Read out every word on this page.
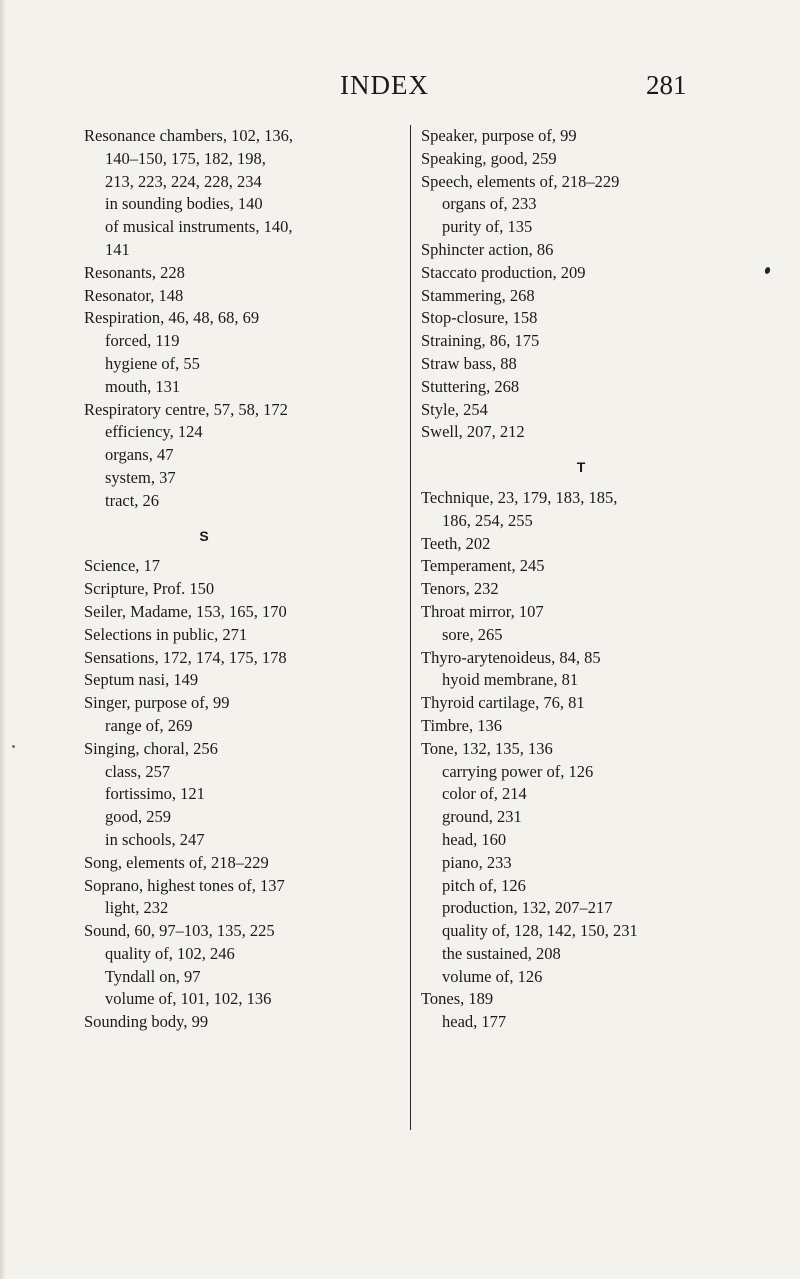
INDEX	281
Resonance chambers, 102, 136,
140–150, 175, 182, 198,
213, 223, 224, 228, 234
in sounding bodies, 140
of musical instruments, 140,
141
Resonants, 228
Resonator, 148
Respiration, 46, 48, 68, 69
forced, 119
hygiene of, 55
mouth, 131
Respiratory centre, 57, 58, 172
efficiency, 124
organs, 47
system, 37
tract, 26
S
Science, 17
Scripture, Prof. 150
Seiler, Madame, 153, 165, 170
Selections in public, 271
Sensations, 172, 174, 175, 178
Septum nasi, 149
Singer, purpose of, 99
range of, 269
Singing, choral, 256
class, 257
fortissimo, 121
good, 259
in schools, 247
Song, elements of, 218–229
Soprano, highest tones of, 137
light, 232
Sound, 60, 97–103, 135, 225
quality of, 102, 246
Tyndall on, 97
volume of, 101, 102, 136
Sounding body, 99
Speaker, purpose of, 99
Speaking, good, 259
Speech, elements of, 218–229
organs of, 233
purity of, 135
Sphincter action, 86
Staccato production, 209
Stammering, 268
Stop-closure, 158
Straining, 86, 175
Straw bass, 88
Stuttering, 268
Style, 254
Swell, 207, 212
T
Technique, 23, 179, 183, 185,
186, 254, 255
Teeth, 202
Temperament, 245
Tenors, 232
Throat mirror, 107
sore, 265
Thyro-arytenoideus, 84, 85
hyoid membrane, 81
Thyroid cartilage, 76, 81
Timbre, 136
Tone, 132, 135, 136
carrying power of, 126
color of, 214
ground, 231
head, 160
piano, 233
pitch of, 126
production, 132, 207–217
quality of, 128, 142, 150, 231
the sustained, 208
volume of, 126
Tones, 189
head, 177
